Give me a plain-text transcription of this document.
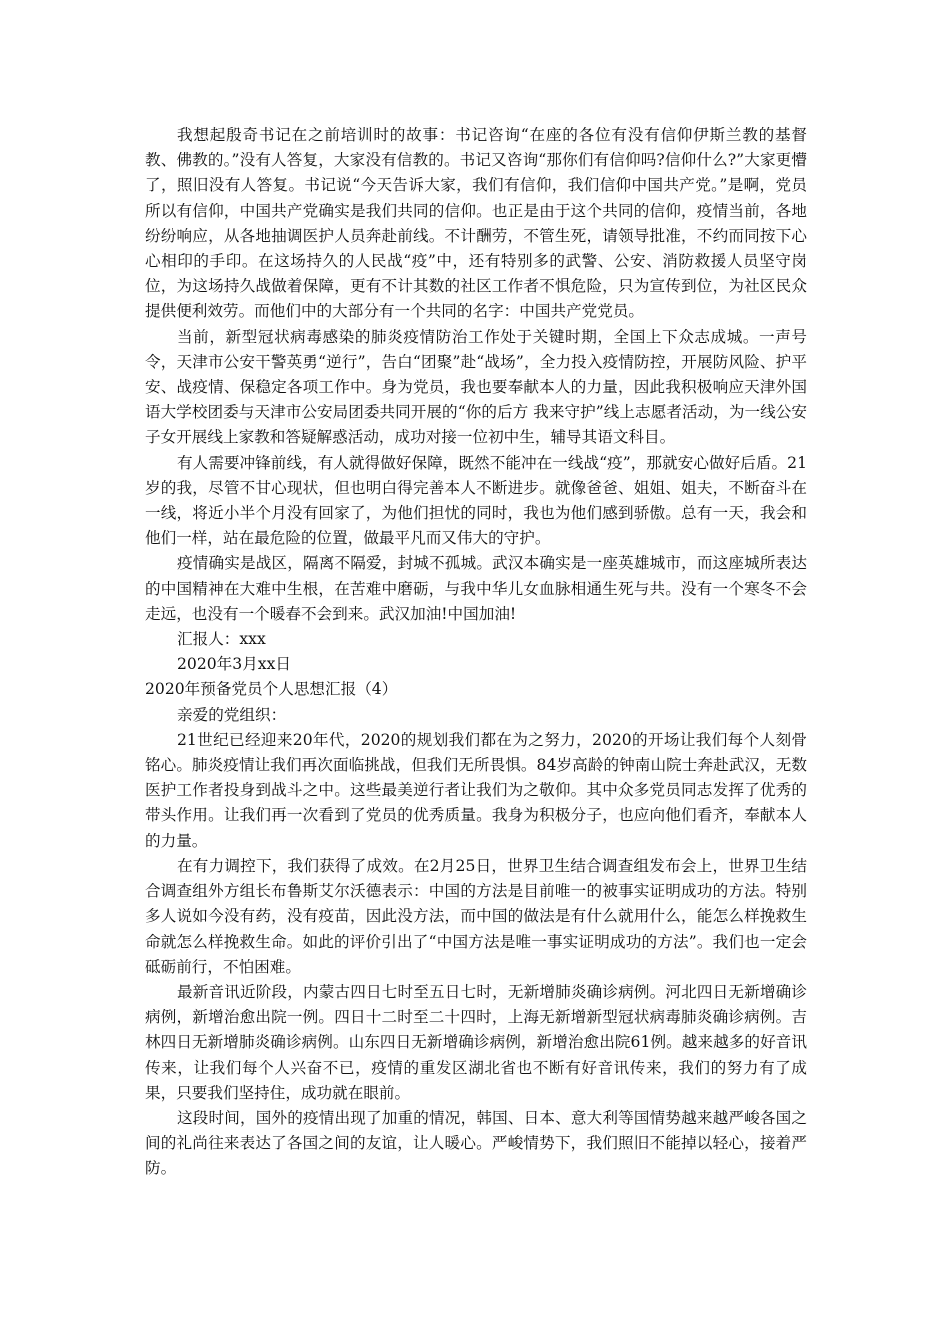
我想起殷奇书记在之前培训时的故事：书记咨询“在座的各位有没有信仰伊斯兰教的基督教、佛教的。”没有人答复，大家没有信教的。书记又咨询“那你们有信仰吗?信仰什么?”大家更懵了，照旧没有人答复。书记说“今天告诉大家，我们有信仰，我们信仰中国共产党。”是啊，党员所以有信仰，中国共产党确实是我们共同的信仰。也正是由于这个共同的信仰，疫情当前，各地纷纷响应，从各地抽调医护人员奔赴前线。不计酬劳，不管生死，请领导批准，不约而同按下心心相印的手印。在这场持久的人民战“疫”中，还有特别多的武警、公安、消防救援人员坚守岗位，为这场持久战做着保障，更有不计其数的社区工作者不惧危险，只为宣传到位，为社区民众提供便利效劳。而他们中的大部分有一个共同的名字：中国共产党党员。

当前，新型冠状病毒感染的肺炎疫情防治工作处于关键时期，全国上下众志成城。一声号令，天津市公安干警英勇“逆行”，告白“团聚”赴“战场”，全力投入疫情防控，开展防风险、护平安、战疫情、保稳定各项工作中。身为党员，我也要奉献本人的力量，因此我积极响应天津外国语大学校团委与天津市公安局团委共同开展的“你的后方 我来守护”线上志愿者活动，为一线公安子女开展线上家教和答疑解惑活动，成功对接一位初中生，辅导其语文科目。

有人需要冲锋前线，有人就得做好保障，既然不能冲在一线战“疫”，那就安心做好后盾。21岁的我，尽管不甘心现状，但也明白得完善本人不断进步。就像爸爸、姐姐、姐夫，不断奋斗在一线，将近小半个月没有回家了，为他们担忧的同时，我也为他们感到骄傲。总有一天，我会和他们一样，站在最危险的位置，做最平凡而又伟大的守护。

疫情确实是战区，隔离不隔爱，封城不孤城。武汉本确实是一座英雄城市，而这座城所表达的中国精神在大难中生根，在苦难中磨砺，与我中华儿女血脉相通生死与共。没有一个寒冬不会走远，也没有一个暖春不会到来。武汉加油!中国加油!

汇报人：xxx

2020年3月xx日

2020年预备党员个人思想汇报（4）

亲爱的党组织：

21世纪已经迎来20年代，2020的规划我们都在为之努力，2020的开场让我们每个人刻骨铭心。肺炎疫情让我们再次面临挑战，但我们无所畏惧。84岁高龄的钟南山院士奔赴武汉，无数医护工作者投身到战斗之中。这些最美逆行者让我们为之敬仰。其中众多党员同志发挥了优秀的带头作用。让我们再一次看到了党员的优秀质量。我身为积极分子，也应向他们看齐，奉献本人的力量。

在有力调控下，我们获得了成效。在2月25日，世界卫生结合调查组发布会上，世界卫生结合调查组外方组长布鲁斯艾尔沃德表示：中国的方法是目前唯一的被事实证明成功的方法。特别多人说如今没有药，没有疫苗，因此没方法，而中国的做法是有什么就用什么，能怎么样挽救生命就怎么样挽救生命。如此的评价引出了“中国方法是唯一事实证明成功的方法”。我们也一定会砥砺前行，不怕困难。

最新音讯近阶段，内蒙古四日七时至五日七时，无新增肺炎确诊病例。河北四日无新增确诊病例，新增治愈出院一例。四日十二时至二十四时，上海无新增新型冠状病毒肺炎确诊病例。吉林四日无新增肺炎确诊病例。山东四日无新增确诊病例，新增治愈出院61例。越来越多的好音讯传来，让我们每个人兴奋不已，疫情的重发区湖北省也不断有好音讯传来，我们的努力有了成果，只要我们坚持住，成功就在眼前。

这段时间，国外的疫情出现了加重的情况，韩国、日本、意大利等国情势越来越严峻各国之间的礼尚往来表达了各国之间的友谊，让人暖心。严峻情势下，我们照旧不能掉以轻心，接着严防。
